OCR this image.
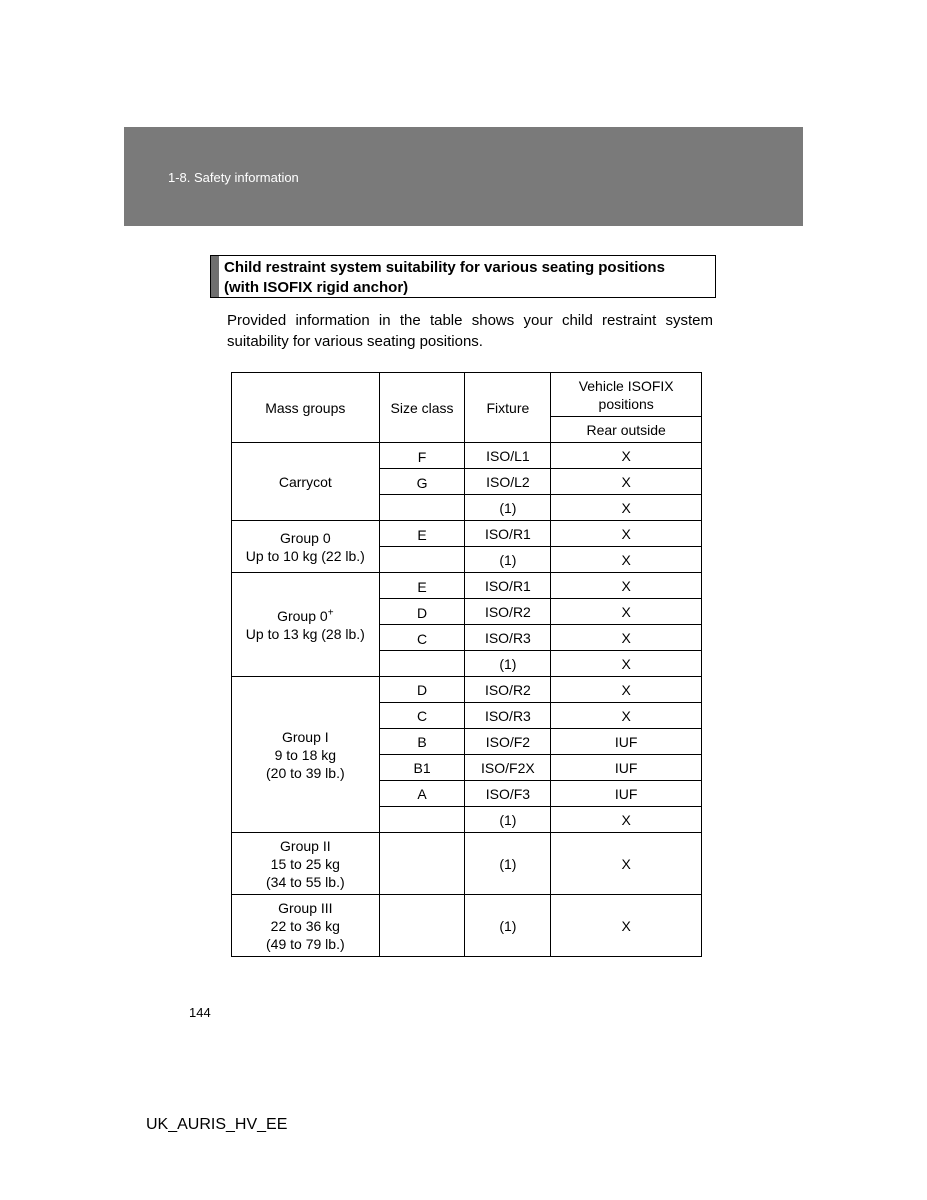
1-8. Safety information
Child restraint system suitability for various seating positions
(with ISOFIX rigid anchor)
Provided information in the table shows your child restraint system suitability for various seating positions.
Mass groups	Size class	Fixture	Vehicle ISOFIX positions
			Rear outside
Carrycot	F	ISO/L1	X
	G	ISO/L2	X
		(1)	X

Group 0
Up to 10 kg (22 lb.)	E	ISO/R1	X
		(1)	X

Group 0+
Up to 13 kg (28 lb.)	E	ISO/R1	X
	D	ISO/R2	X
	C	ISO/R3	X
		(1)	X

Group I
9 to 18 kg
(20 to 39 lb.)	D	ISO/R2	X
	C	ISO/R3	X
	B	ISO/F2	IUF
	B1	ISO/F2X	IUF
	A	ISO/F3	IUF
		(1)	X

Group II
15 to 25 kg
(34 to 55 lb.)		(1)	X

Group III
22 to 36 kg
(49 to 79 lb.)		(1)	X
144
UK_AURIS_HV_EE
